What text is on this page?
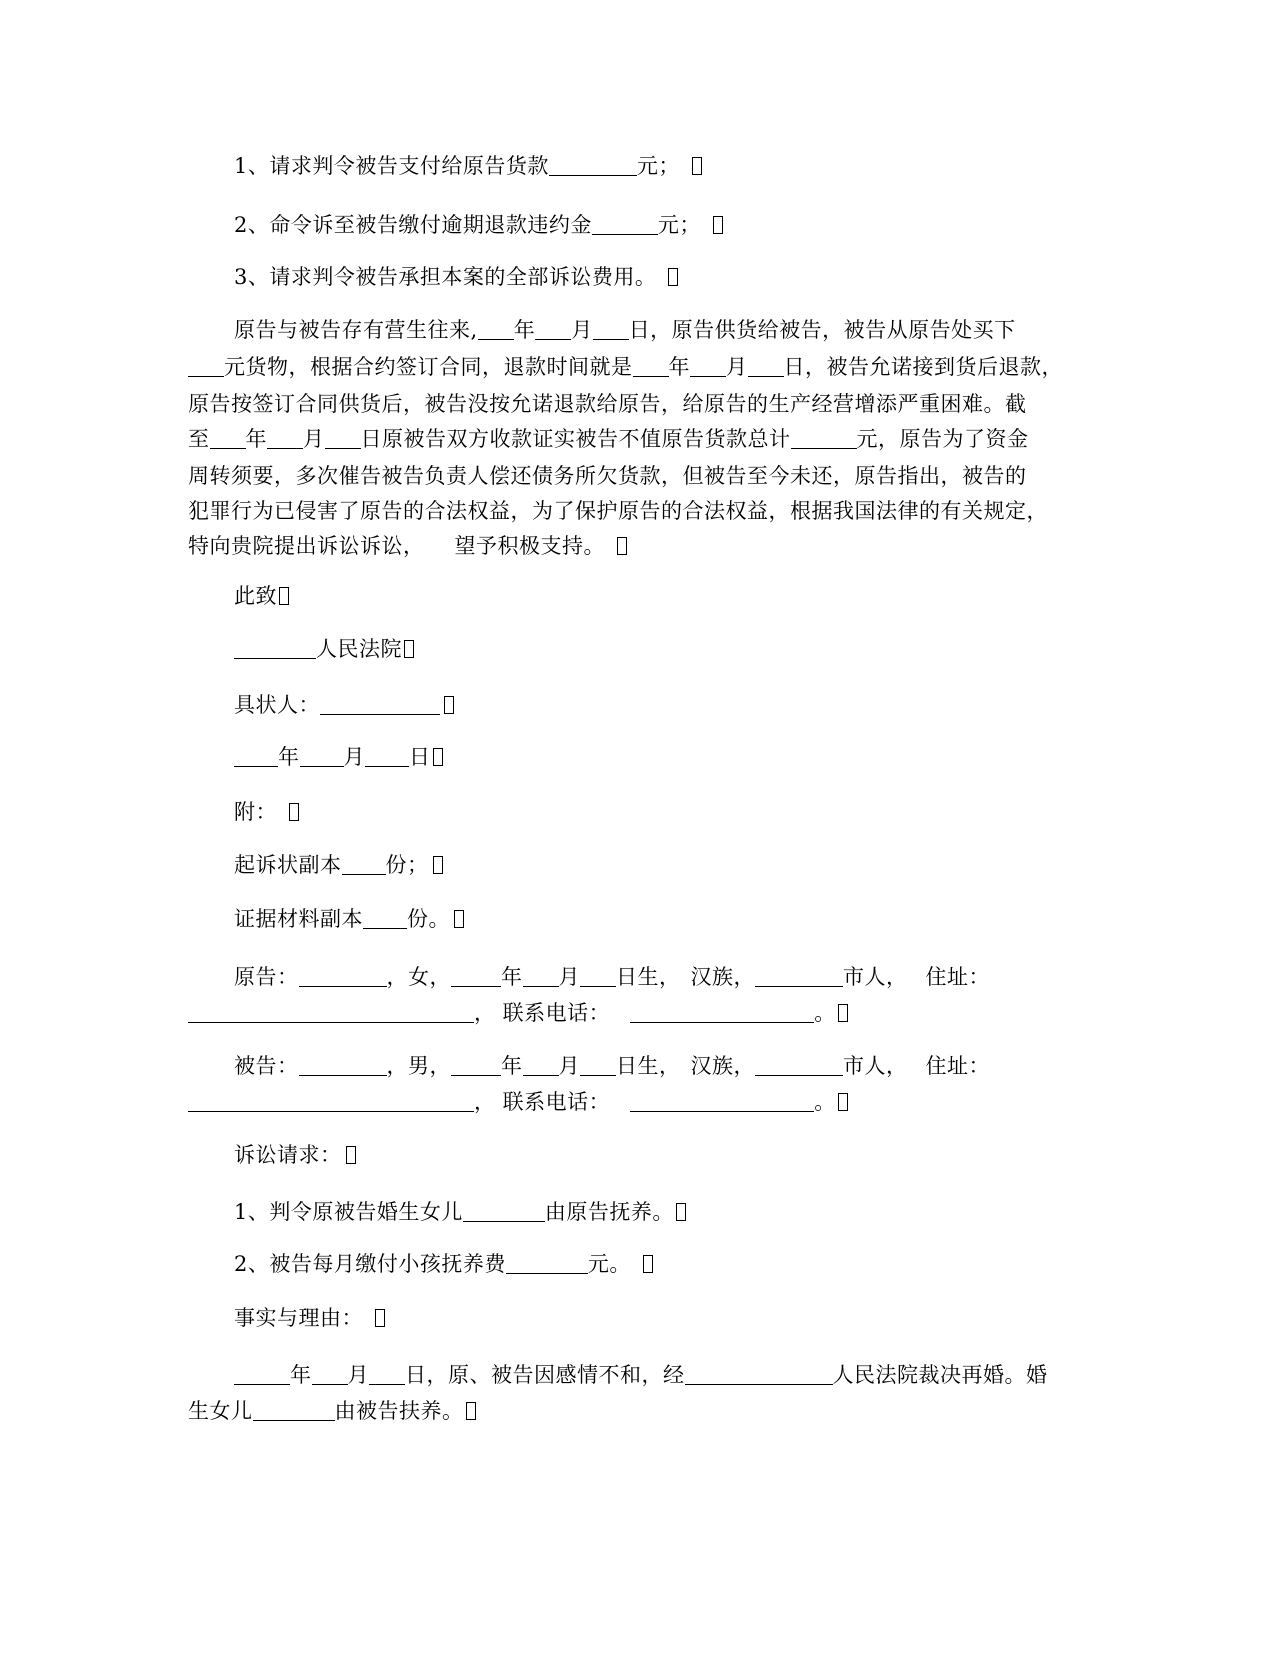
1、请求判令被告支付给原告货款	元；
2、命令诉至被告缴付逾期退款违约金	元；
3、请求判令被告承担本案的全部诉讼费用。
原告与被告存有营生往来, 年 月 日，原告供货给被告，被告从原告处买下
元货物，根据合约签订合同，退款时间就是 年 月 日，被告允诺接到货后退款，
原告按签订合同供货后，被告没按允诺退款给原告，给原告的生产经营增添严重困难。截
至 年 月 日原被告双方收款证实被告不值原告货款总计	元，原告为了资金
周转须要，多次催告被告负责人偿还债务所欠货款，但被告至今未还，原告指出，被告的
犯罪行为已侵害了原告的合法权益，为了保护原告的合法权益，根据我国法律的有关规定，
特向贵院提出诉讼诉讼， 望予积极支持。
此致
人民法院
具状人：
年 月 日
附：
起诉状副本 份；
证据材料副本 份。
原告：	，女， 年 月 日生， 汉族，	市人， 住址：
， 联系电话：	。
被告：	，男， 年 月 日生， 汉族，	市人， 住址：
， 联系电话：	。
诉讼请求：
1、判令原被告婚生女儿	由原告抚养。
2、被告每月缴付小孩抚养费	元。
事实与理由：
年 月 日，原、被告因感情不和，经	人民法院裁决再婚。婚
生女儿	由被告扶养。
